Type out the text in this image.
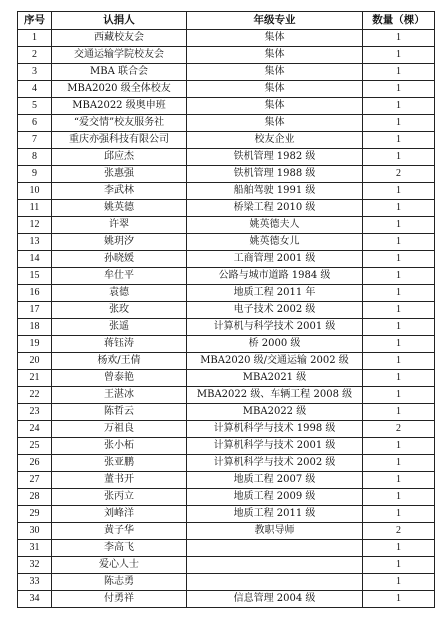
序号	认捐人	年级专业	数量（棵）
1	西藏校友会	集体	1
2	交通运输学院校友会	集体	1
3	MBA 联合会	集体	1
4	MBA2020 级全体校友	集体	1
5	MBA2022 级奥申班	集体	1
6	“爱交情”校友服务社	集体	1
7	重庆亦强科技有限公司	校友企业	1
8	邱应杰	铁机管理 1982 级	1
9	张惠强	铁机管理 1988 级	2
10	李武林	船舶驾驶 1991 级	1
11	姚英德	桥梁工程 2010 级	1
12	许翠	姚英德夫人	1
13	姚玥汐	姚英德女儿	1
14	孙晓媛	工商管理 2001 级	1
15	牟仕平	公路与城市道路 1984 级	1
16	袁德	地质工程 2011 年	1
17	张玫	电子技术 2002 级	1
18	张遥	计算机与科学技术 2001 级	1
19	蒋钰涛	桥 2000 级	1
20	杨欢/王倩	MBA2020 级/交通运输 2002 级	1
21	曾泰艳	MBA2021 级	1
22	王湛冰	MBA2022 级、车辆工程 2008 级	1
23	陈哲云	MBA2022 级	1
24	万祖良	计算机科学与技术 1998 级	2
25	张小柘	计算机科学与技术 2001 级	1
26	张亚鹏	计算机科学与技术 2002 级	1
27	董书开	地质工程 2007 级	1
28	张丙立	地质工程 2009 级	1
29	刘峰洋	地质工程 2011 级	1
30	黄子华	教职导师	2
31	李高飞		1
32	爱心人士		1
33	陈志勇		1
34	付勇祥	信息管理 2004 级	1
